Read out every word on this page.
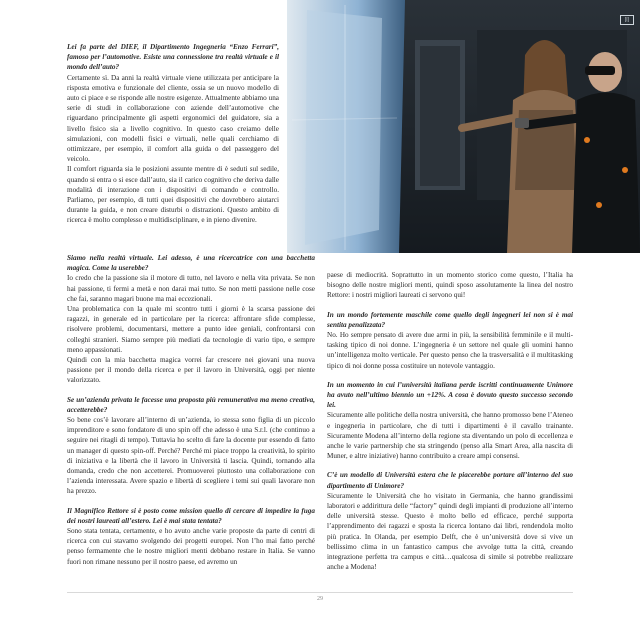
[i]

Lei fa parte del DIEF, il Dipartimento Ingegneria “Enzo Ferrari”, famoso per l’automotive. Esiste una connessione tra realtà virtuale e il mondo dell’auto?

Certamente sì. Da anni la realtà virtuale viene utilizzata per anticipare la risposta emotiva e funzionale del cliente, ossia se un nuovo modello di auto ci piace e se risponde alle nostre esigenze. Attualmente abbiamo una serie di studi in collaborazione con aziende dell’automotive che riguardano principalmente gli aspetti ergonomici del guidatore, sia a livello fisico sia a livello cognitivo. In questo caso creiamo delle simulazioni, con modelli fisici e virtuali, nelle quali cerchiamo di ottimizzare, per esempio, il comfort alla guida o del passeggero del veicolo.

Il comfort riguarda sia le posizioni assunte mentre di è seduti sul sedile, quando si entra o si esce dall’auto, sia il carico cognitivo che deriva dalle modalità di interazione con i dispositivi di comando e controllo. Parliamo, per esempio, di tutti quei dispositivi che dovrebbero aiutarci durante la guida, e non creare disturbi o distrazioni. Questo ambito di ricerca è molto complesso e multidisciplinare, e in pieno divenire.

Siamo nella realtà virtuale. Lei adesso, è una ricercatrice con una bacchetta magica. Come la userebbe?

Io credo che la passione sia il motore di tutto, nel lavoro e nella vita privata. Se non hai passione, ti fermi a metà e non darai mai tutto. Se non metti passione nelle cose che fai, saranno magari buone ma mai eccezionali.

Una problematica con la quale mi scontro tutti i giorni è la scarsa passione dei ragazzi, in generale ed in particolare per la ricerca: affrontare sfide complesse, risolvere problemi, documentarsi, mettere a punto idee geniali, confrontarsi con colleghi stranieri. Siamo sempre più mediati da tecnologie di vario tipo, e sempre meno appassionati.

Quindi con la mia bacchetta magica vorrei far crescere nei giovani una nuova passione per il mondo della ricerca e per il lavoro in Università, oggi per niente valorizzato.

Se un’azienda privata le facesse una proposta più remunerativa ma meno creativa, accetterebbe?

So bene cos’è lavorare all’interno di un’azienda, io stessa sono figlia di un piccolo imprenditore e sono fondatore di uno spin off che adesso è una S.r.l. (che continuo a seguire nei ritagli di tempo). Tuttavia ho scelto di fare la docente pur essendo di fatto un manager di questo spin-off. Perché? Perché mi piace troppo la creatività, lo spirito di iniziativa e la libertà che il lavoro in Università ti lascia. Quindi, tornando alla domanda, credo che non accetterei. Promuoverei piuttosto una collaborazione con l’azienda interessata. Avere spazio e libertà di scegliere i temi sui quali lavorare non ha prezzo.

Il Magnifico Rettore si è posto come mission quello di cercare di impedire la fuga dei nostri laureati all’estero. Lei è mai stata tentata?

Sono stata tentata, certamente, e ho avuto anche varie proposte da parte di centri di ricerca con cui stavamo svolgendo dei progetti europei. Non l’ho mai fatto perché penso fermamente che le nostre migliori menti debbano restare in Italia. Se vanno fuori non rimane nessuno per il nostro paese, ed avremo un

paese di mediocrità. Soprattutto in un momento storico come questo, l’Italia ha bisogno delle nostre migliori menti, quindi sposo assolutamente la linea del nostro Rettore: i nostri migliori laureati ci servono qui!

In un mondo fortemente maschile come quello degli ingegneri lei non si è mai sentita penalizzata?

No. Ho sempre pensato di avere due armi in più, la sensibilità femminile e il multi-tasking tipico di noi donne. L’ingegneria è un settore nel quale gli uomini hanno un’intelligenza molto verticale. Per questo penso che la trasversalità e il multitasking tipico di noi donne possa costituire un notevole vantaggio.

In un momento in cui l’università italiana perde iscritti continuamente Unimore ha avuto nell’ultimo biennio un +12%. A cosa è dovuto questo successo secondo lei.

Sicuramente alle politiche della nostra università, che hanno promosso bene l’Ateneo e ingegneria in particolare, che di tutti i dipartimenti è il cavallo trainante. Sicuramente Modena all’interno della regione sta diventando un polo di eccellenza e anche le varie partnership che sta stringendo (penso alla Smart Area, alla nascita di Muner, e altre iniziative) hanno contribuito a creare ampi consensi.

C’è un modello di Università estera che le piacerebbe portare all’interno del suo dipartimento di Unimore?

Sicuramente le Università che ho visitato in Germania, che hanno grandissimi laboratori e addirittura delle “factory” quindi degli impianti di produzione all’interno delle università stesse. Questo è molto bello ed efficace, perché supporta l’apprendimento dei ragazzi e sposta la ricerca lontano dai libri, rendendola molto più pratica. In Olanda, per esempio Delft, che è un’università dove si vive un bellissimo clima in un fantastico campus che avvolge tutta la città, creando integrazione perfetta tra campus e città…qualcosa di simile si potrebbe realizzare anche a Modena!

29
